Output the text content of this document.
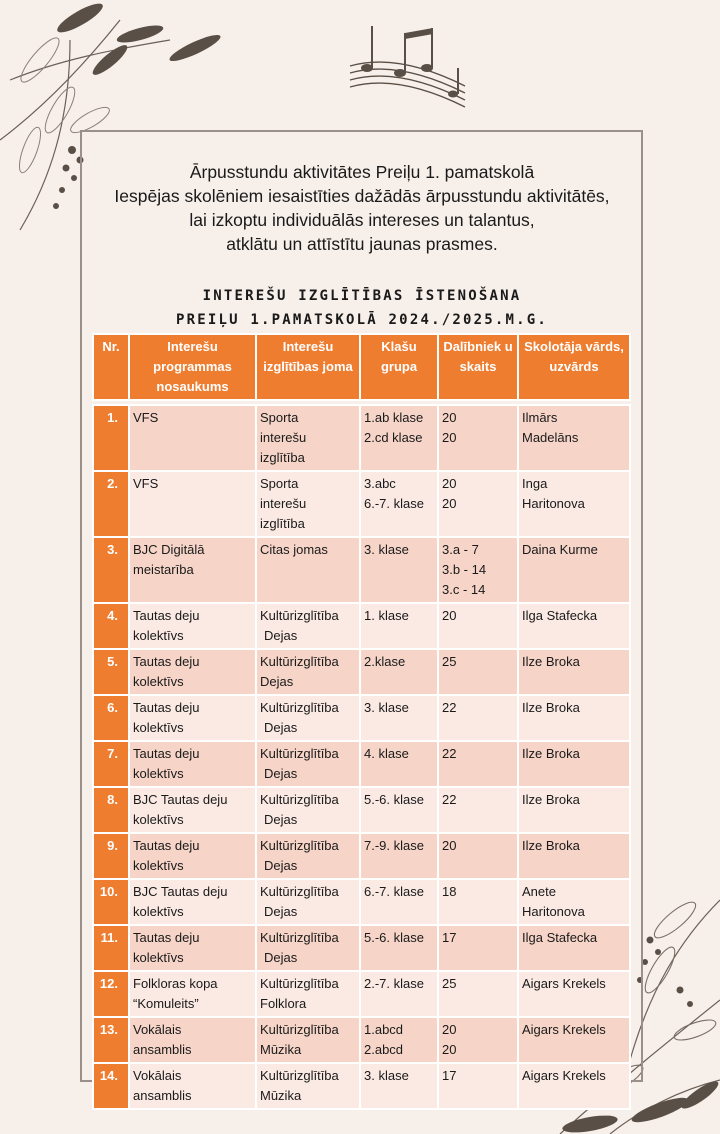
Ārpusstundu aktivitātes Preiļu 1. pamatskolā
Iespējas skolēniem iesaistīties dažādās ārpusstundu aktivitātēs,
lai izkoptu individuālās intereses un talantus,
atklātu un attīstītu jaunas prasmes.
INTEREŠU IZGLĪTĪBAS ĪSTENOŠANA
PREIĻU 1.PAMATSKOLĀ 2024./2025.M.G.
Nr.	Interešu programmas nosaukums	Interešu izglītības joma	Klašu grupa	Dalībniek u skaits	Skolotāja vārds, uzvārds

1.	VFS	Sporta
interešu
izglītība	1.ab klase
2.cd klase	20
20	Ilmārs
Madelāns

2.	VFS	Sporta
interešu
izglītība	3.abc
6.-7. klase	20
20	Inga
Haritonova

3.	BJC Digitālā
meistarība	Citas jomas	3. klase	3.a - 7
3.b - 14
3.c - 14	Daina Kurme

4.	Tautas deju
kolektīvs	Kultūrizglītība
Dejas	1. klase	20	Ilga Stafecka

5.	Tautas deju
kolektīvs	Kultūrizglītība
Dejas	2.klase	25	Ilze Broka

6.	Tautas deju
kolektīvs	Kultūrizglītība
Dejas	3. klase	22	Ilze Broka

7.	Tautas deju
kolektīvs	Kultūrizglītība
Dejas	4. klase	22	Ilze Broka

8.	BJC Tautas deju
kolektīvs	Kultūrizglītība
Dejas	5.-6. klase	22	Ilze Broka

9.	Tautas deju
kolektīvs	Kultūrizglītība
Dejas	7.-9. klase	20	Ilze Broka

10.	BJC Tautas deju
kolektīvs	Kultūrizglītība
Dejas	6.-7. klase	18	Anete
Haritonova

11.	Tautas deju
kolektīvs	Kultūrizglītība
Dejas	5.-6. klase	17	Ilga Stafecka

12.	Folkloras kopa
“Komuleits”	Kultūrizglītība
Folklora	2.-7. klase	25	Aigars Krekels

13.	Vokālais
ansamblis	Kultūrizglītība
Mūzika	1.abcd
2.abcd	20
20	Aigars Krekels

14.	Vokālais
ansamblis	Kultūrizglītība
Mūzika	3. klase	17	Aigars Krekels
